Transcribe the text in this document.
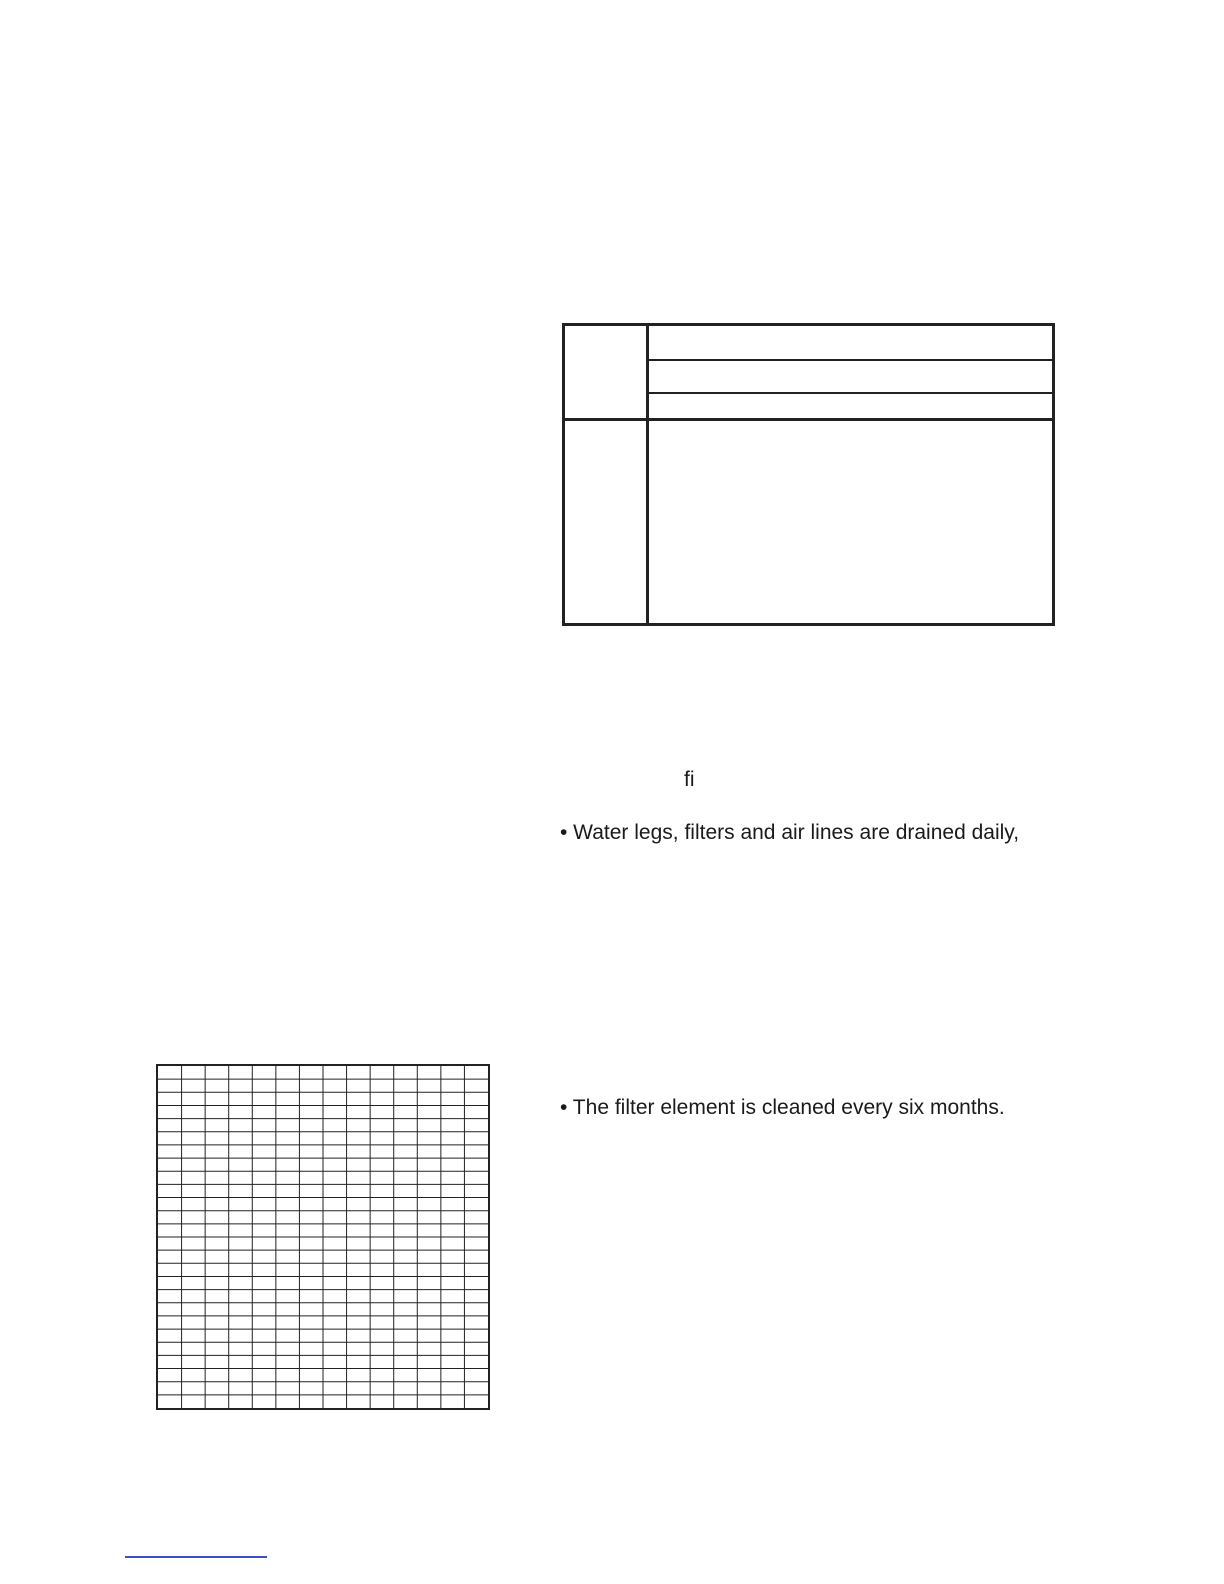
fi
• Water legs, filters and air lines are drained daily,
• The filter element is cleaned every six months.
